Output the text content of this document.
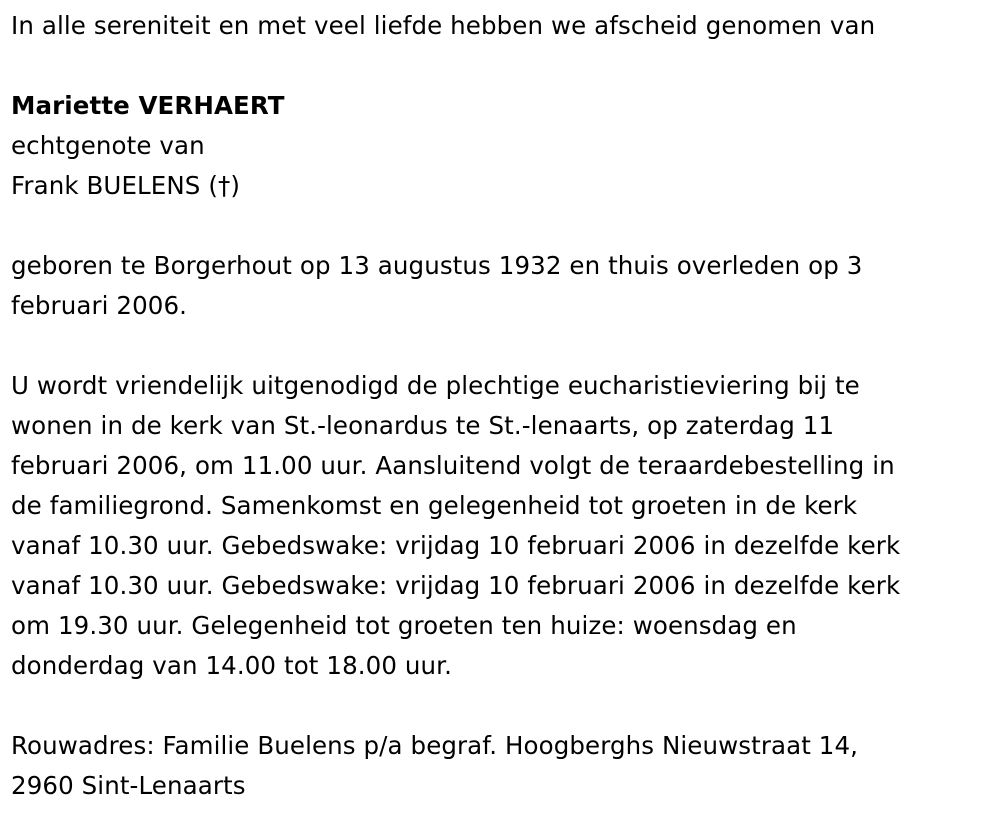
In alle sereniteit en met veel liefde hebben we afscheid genomen van

Mariette VERHAERT

echtgenote van

Frank BUELENS (†)

geboren te Borgerhout op 13 augustus 1932 en thuis overleden op 3

februari 2006.

U wordt vriendelijk uitgenodigd de plechtige eucharistieviering bij te

wonen in de kerk van St.-leonardus te St.-lenaarts, op zaterdag 11

februari 2006, om 11.00 uur. Aansluitend volgt de teraardebestelling in

de familiegrond. Samenkomst en gelegenheid tot groeten in de kerk

vanaf 10.30 uur. Gebedswake: vrijdag 10 februari 2006 in dezelfde kerk

vanaf 10.30 uur. Gebedswake: vrijdag 10 februari 2006 in dezelfde kerk

om 19.30 uur. Gelegenheid tot groeten ten huize: woensdag en

donderdag van 14.00 tot 18.00 uur.

Rouwadres: Familie Buelens p/a begraf. Hoogberghs Nieuwstraat 14,

2960 Sint-Lenaarts
